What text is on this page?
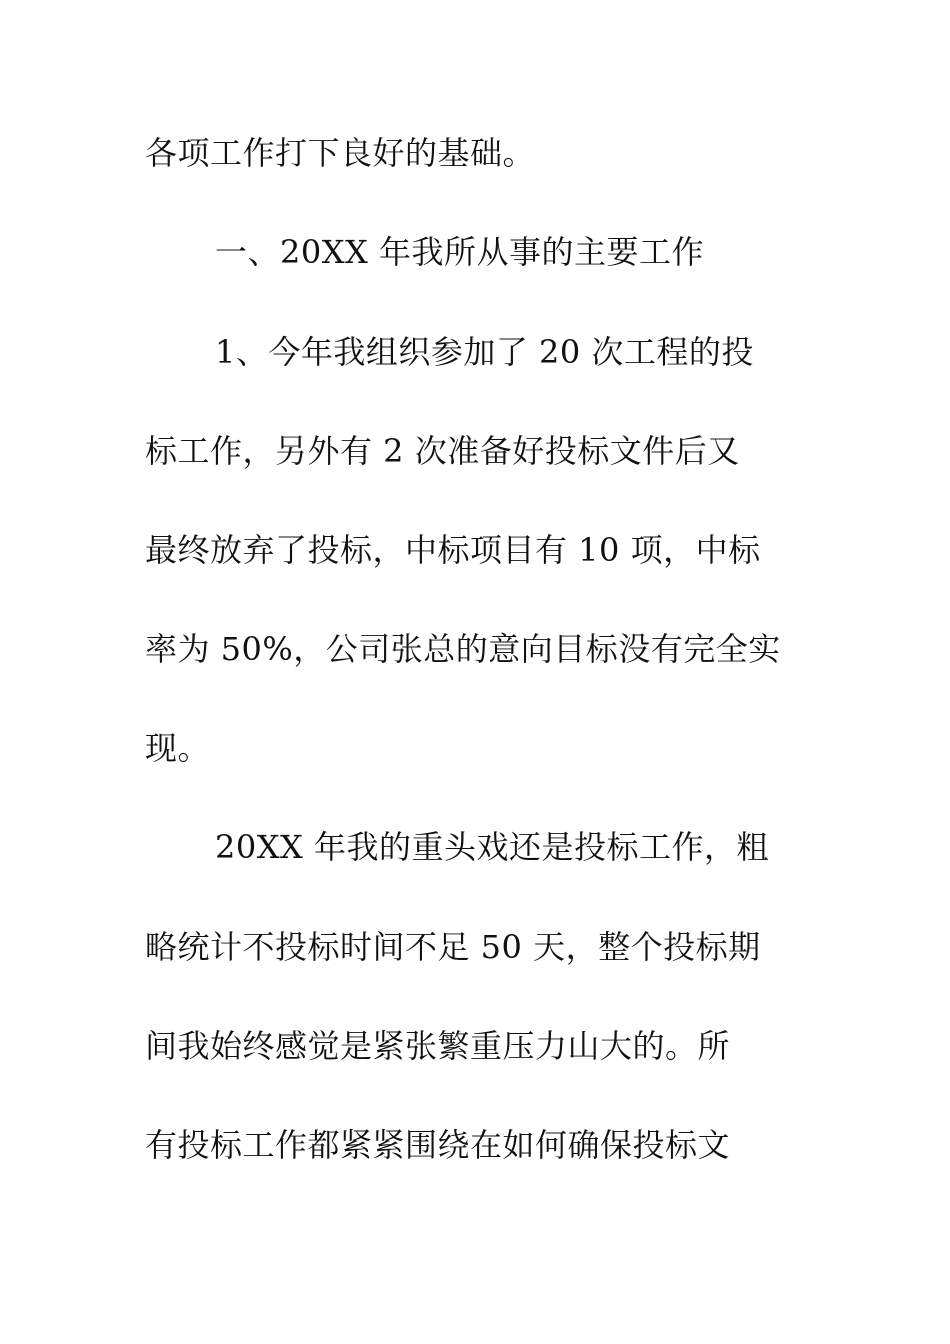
各项工作打下良好的基础。
一、20XX 年我所从事的主要工作
1、今年我组织参加了 20 次工程的投
标工作，另外有 2 次准备好投标文件后又
最终放弃了投标，中标项目有 10 项，中标
率为 50%，公司张总的意向目标没有完全实
现。
20XX 年我的重头戏还是投标工作，粗
略统计不投标时间不足 50 天，整个投标期
间我始终感觉是紧张繁重压力山大的。所
有投标工作都紧紧围绕在如何确保投标文
